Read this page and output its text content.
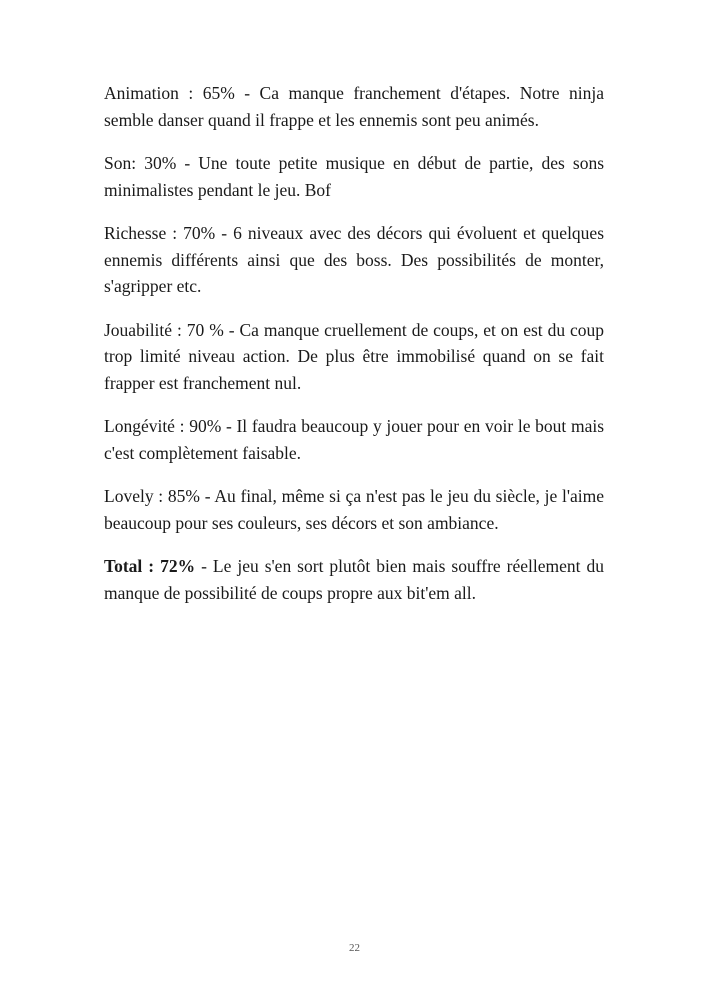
Animation : 65% - Ca manque franchement d'étapes. Notre ninja semble danser quand il frappe et les ennemis sont peu animés.

Son: 30% - Une toute petite musique en début de partie, des sons minimalistes pendant le jeu. Bof

Richesse : 70% - 6 niveaux avec des décors qui évoluent et quelques ennemis différents ainsi que des boss. Des possibilités de monter, s'agripper etc.

Jouabilité : 70 % - Ca manque cruellement de coups, et on est du coup trop limité niveau action. De plus être immobilisé quand on se fait frapper est franchement nul.

Longévité : 90% - Il faudra beaucoup y jouer pour en voir le bout mais c'est complètement faisable.

Lovely : 85% - Au final, même si ça n'est pas le jeu du siècle, je l'aime beaucoup pour ses couleurs, ses décors et son ambiance.

Total : 72% - Le jeu s'en sort plutôt bien mais souffre réellement du manque de possibilité de coups propre aux bit'em all.

22
